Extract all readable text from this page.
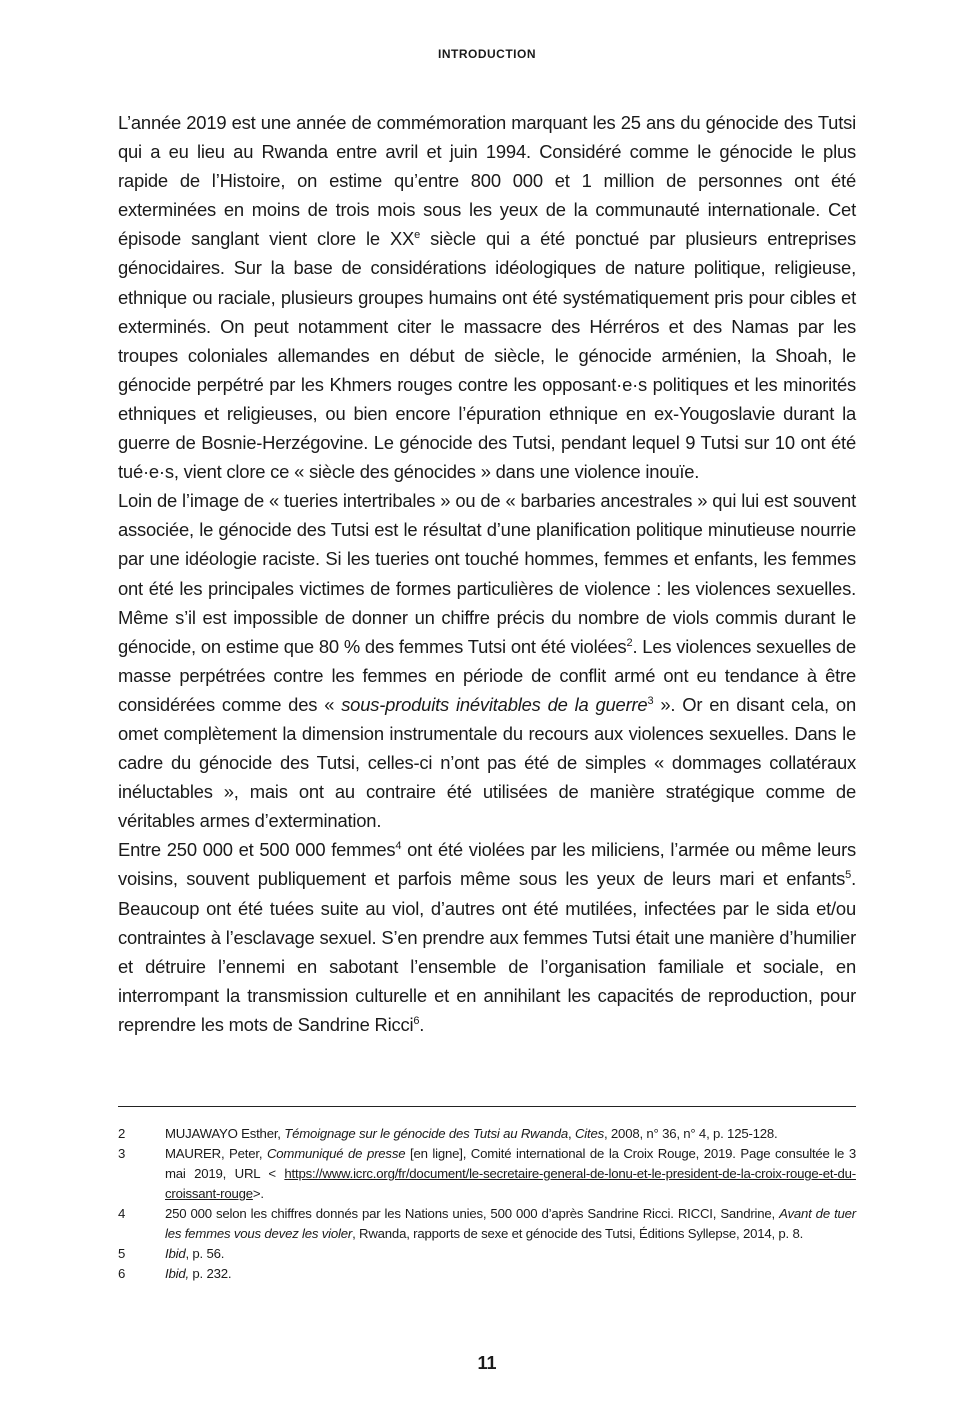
INTRODUCTION

L’année 2019 est une année de commémoration marquant les 25 ans du génocide des Tutsi qui a eu lieu au Rwanda entre avril et juin 1994. Considéré comme le génocide le plus rapide de l’Histoire, on estime qu’entre 800 000 et 1 million de personnes ont été exterminées en moins de trois mois sous les yeux de la communauté internationale. Cet épisode sanglant vient clore le XXe siècle qui a été ponctué par plusieurs entreprises génocidaires. Sur la base de considérations idéologiques de nature politique, religieuse, ethnique ou raciale, plusieurs groupes humains ont été systématiquement pris pour cibles et exterminés. On peut notamment citer le massacre des Hérréros et des Namas par les troupes coloniales allemandes en début de siècle, le génocide arménien, la Shoah, le génocide perpétré par les Khmers rouges contre les opposant·e·s politiques et les minorités ethniques et religieuses, ou bien encore l’épuration ethnique en ex-Yougoslavie durant la guerre de Bosnie-Herzégovine. Le génocide des Tutsi, pendant lequel 9 Tutsi sur 10 ont été tué·e·s, vient clore ce « siècle des génocides » dans une violence inouïe.

Loin de l’image de « tueries intertribales » ou de « barbaries ancestrales » qui lui est souvent associée, le génocide des Tutsi est le résultat d’une planification politique minutieuse nourrie par une idéologie raciste. Si les tueries ont touché hommes, femmes et enfants, les femmes ont été les principales victimes de formes particulières de violence : les violences sexuelles. Même s’il est impossible de donner un chiffre précis du nombre de viols commis durant le génocide, on estime que 80 % des femmes Tutsi ont été violées$^2$. Les violences sexuelles de masse perpétrées contre les femmes en période de conflit armé ont eu tendance à être considérées comme des « sous-produits inévitables de la guerre$^3$ ». Or en disant cela, on omet complètement la dimension instrumentale du recours aux violences sexuelles. Dans le cadre du génocide des Tutsi, celles-ci n’ont pas été de simples « dommages collatéraux inéluctables », mais ont au contraire été utilisées de manière stratégique comme de véritables armes d’extermination.

Entre 250 000 et 500 000 femmes$^4$ ont été violées par les miliciens, l’armée ou même leurs voisins, souvent publiquement et parfois même sous les yeux de leurs mari et enfants$^5$. Beaucoup ont été tuées suite au viol, d’autres ont été mutilées, infectées par le sida et/ou contraintes à l’esclavage sexuel. S’en prendre aux femmes Tutsi était une manière d’humilier et détruire l’ennemi en sabotant l’ensemble de l’organisation familiale et sociale, en interrompant la transmission culturelle et en annihilant les capacités de reproduction, pour reprendre les mots de Sandrine Ricci$^6$.

2	MUJAWAYO Esther, Témoignage sur le génocide des Tutsi au Rwanda, Cites, 2008, n° 36, n° 4, p. 125-128.
3	MAURER, Peter, Communiqué de presse [en ligne], Comité international de la Croix Rouge, 2019. Page consultée le 3 mai 2019, URL < https://www.icrc.org/fr/document/le-secretaire-general-de-lonu-et-le-president-de-la-croix-rouge-et-du-croissant-rouge>.
4	250 000 selon les chiffres donnés par les Nations unies, 500 000 d’après Sandrine Ricci. RICCI, Sandrine, Avant de tuer les femmes vous devez les violer, Rwanda, rapports de sexe et génocide des Tutsi, Éditions Syllepse, 2014, p. 8.
5	Ibid, p. 56.
6	Ibid, p. 232.
11
